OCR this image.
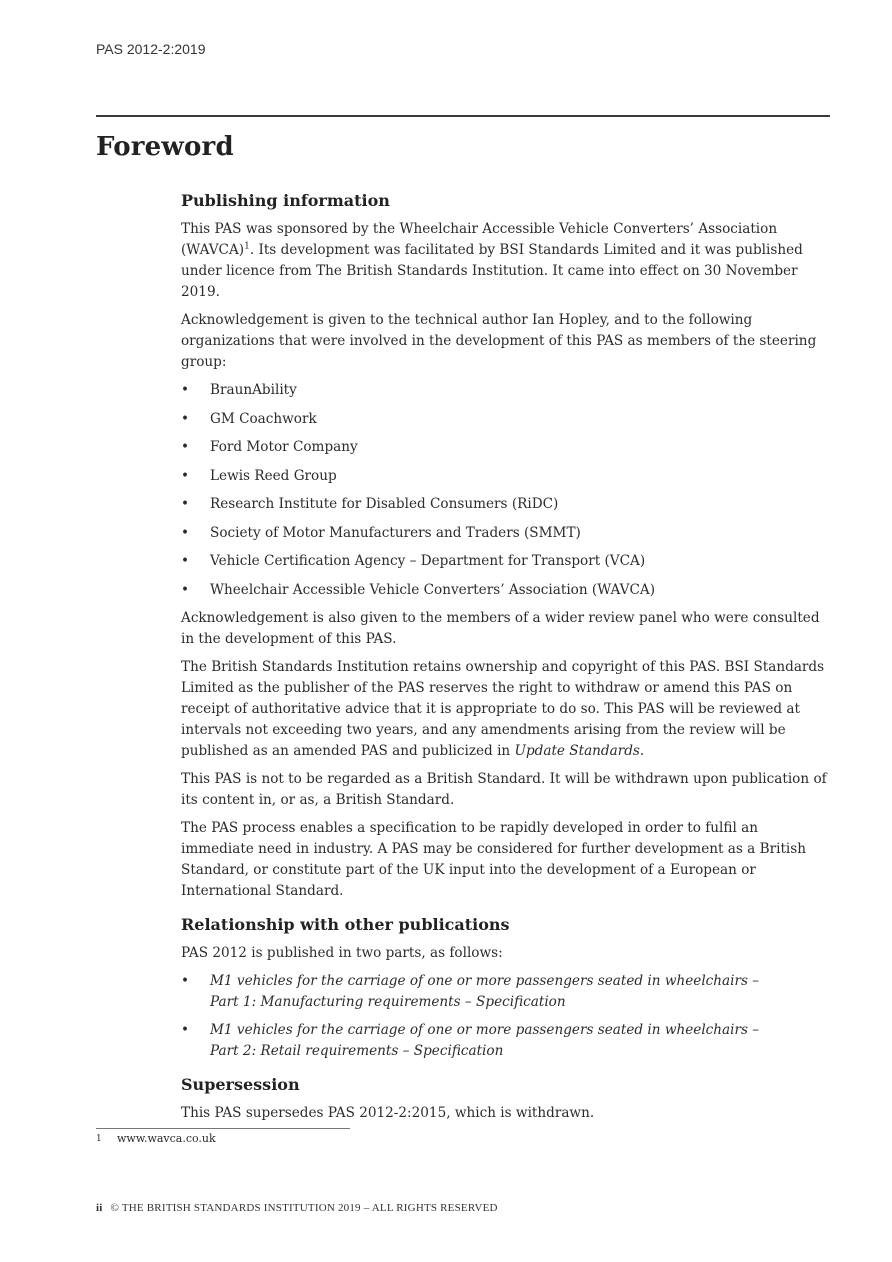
PAS 2012-2:2019
Foreword
Publishing information

This PAS was sponsored by the Wheelchair Accessible Vehicle Converters’ Association (WAVCA)$^1$. Its development was facilitated by BSI Standards Limited and it was published under licence from The British Standards Institution. It came into effect on 30 November 2019.

Acknowledgement is given to the technical author Ian Hopley, and to the following organizations that were involved in the development of this PAS as members of the steering group:

• BraunAbility
• GM Coachwork
• Ford Motor Company
• Lewis Reed Group
• Research Institute for Disabled Consumers (RiDC)
• Society of Motor Manufacturers and Traders (SMMT)
• Vehicle Certification Agency – Department for Transport (VCA)
• Wheelchair Accessible Vehicle Converters’ Association (WAVCA)

Acknowledgement is also given to the members of a wider review panel who were consulted in the development of this PAS.

The British Standards Institution retains ownership and copyright of this PAS. BSI Standards Limited as the publisher of the PAS reserves the right to withdraw or amend this PAS on receipt of authoritative advice that it is appropriate to do so. This PAS will be reviewed at intervals not exceeding two years, and any amendments arising from the review will be published as an amended PAS and publicized in Update Standards.

This PAS is not to be regarded as a British Standard. It will be withdrawn upon publication of its content in, or as, a British Standard.

The PAS process enables a specification to be rapidly developed in order to fulfil an immediate need in industry. A PAS may be considered for further development as a British Standard, or constitute part of the UK input into the development of a European or International Standard.

Relationship with other publications

PAS 2012 is published in two parts, as follows:

• M1 vehicles for the carriage of one or more passengers seated in wheelchairs –
Part 1: Manufacturing requirements – Specification
• M1 vehicles for the carriage of one or more passengers seated in wheelchairs –
Part 2: Retail requirements – Specification
Supersession

This PAS supersedes PAS 2012-2:2015, which is withdrawn.

1 www.wavca.co.uk
ii © THE BRITISH STANDARDS INSTITUTION 2019 – ALL RIGHTS RESERVED
